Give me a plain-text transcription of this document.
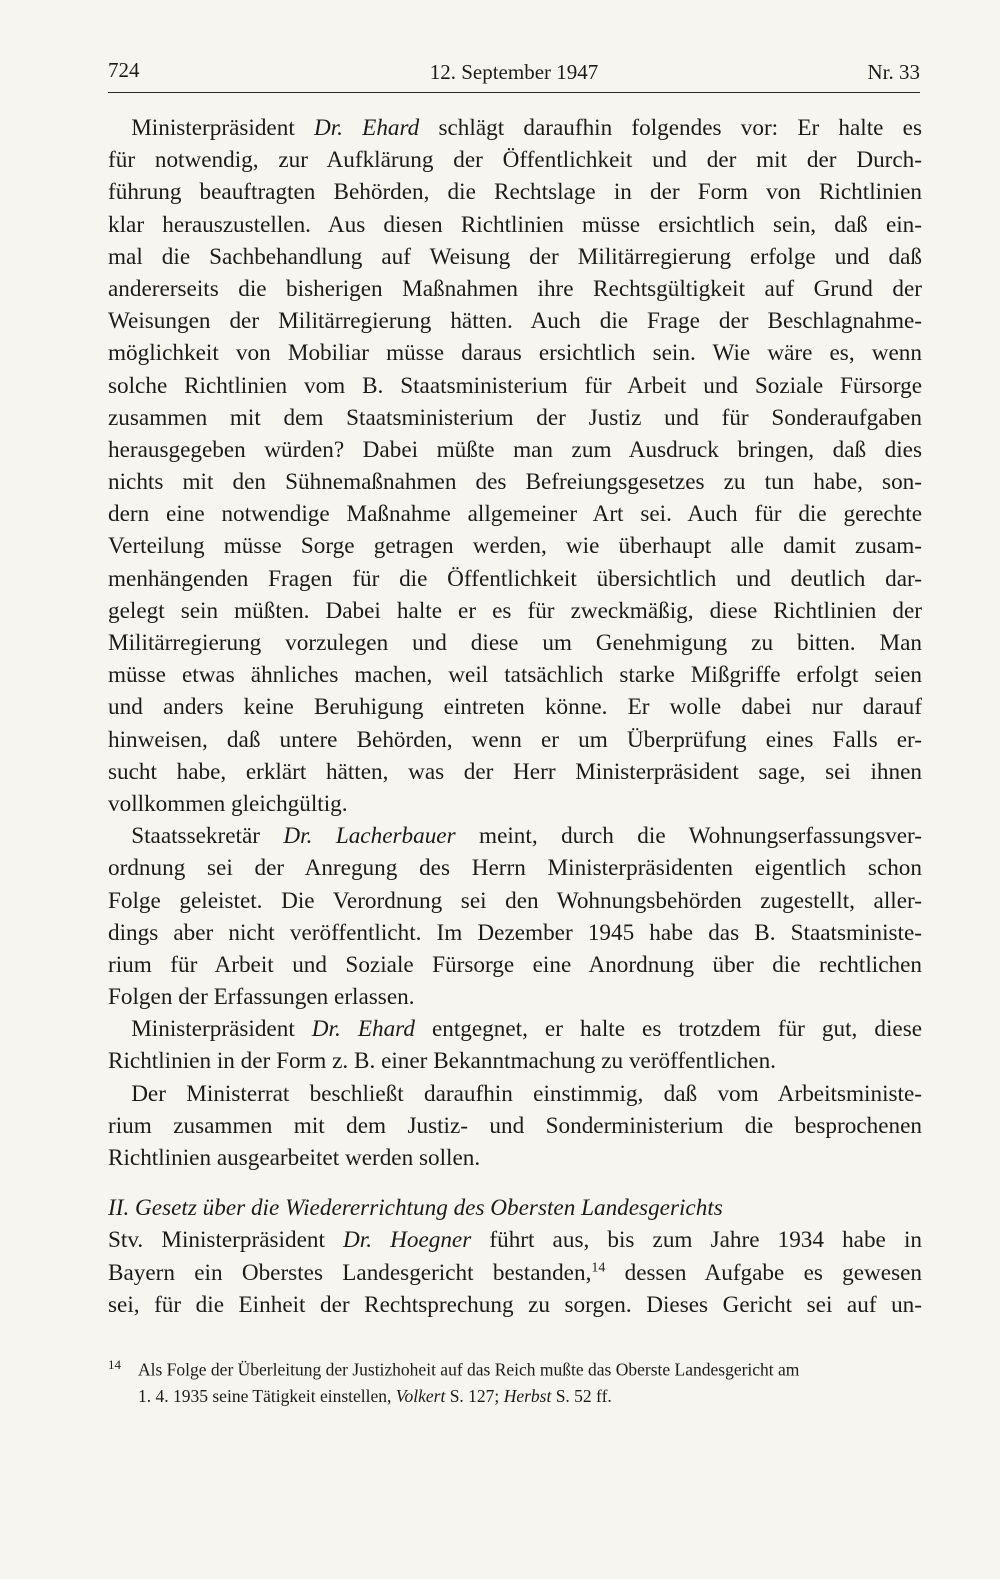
724	12. September 1947	Nr. 33
 Ministerpräsident Dr. Ehard schlägt daraufhin folgendes vor: Er halte es
für notwendig, zur Aufklärung der Öffentlichkeit und der mit der Durch-
führung beauftragten Behörden, die Rechtslage in der Form von Richtlinien
klar herauszustellen. Aus diesen Richtlinien müsse ersichtlich sein, daß ein-
mal die Sachbehandlung auf Weisung der Militärregierung erfolge und daß
andererseits die bisherigen Maßnahmen ihre Rechtsgültigkeit auf Grund der
Weisungen der Militärregierung hätten. Auch die Frage der Beschlagnahme-
möglichkeit von Mobiliar müsse daraus ersichtlich sein. Wie wäre es, wenn
solche Richtlinien vom B. Staatsministerium für Arbeit und Soziale Fürsorge
zusammen mit dem Staatsministerium der Justiz und für Sonderaufgaben
herausgegeben würden? Dabei müßte man zum Ausdruck bringen, daß dies
nichts mit den Sühnemaßnahmen des Befreiungsgesetzes zu tun habe, son-
dern eine notwendige Maßnahme allgemeiner Art sei. Auch für die gerechte
Verteilung müsse Sorge getragen werden, wie überhaupt alle damit zusam-
menhängenden Fragen für die Öffentlichkeit übersichtlich und deutlich dar-
gelegt sein müßten. Dabei halte er es für zweckmäßig, diese Richtlinien der
Militärregierung vorzulegen und diese um Genehmigung zu bitten. Man
müsse etwas ähnliches machen, weil tatsächlich starke Mißgriffe erfolgt seien
und anders keine Beruhigung eintreten könne. Er wolle dabei nur darauf
hinweisen, daß untere Behörden, wenn er um Überprüfung eines Falls er-
sucht habe, erklärt hätten, was der Herr Ministerpräsident sage, sei ihnen
vollkommen gleichgültig.
 Staatssekretär Dr. Lacherbauer meint, durch die Wohnungserfassungsver-
ordnung sei der Anregung des Herrn Ministerpräsidenten eigentlich schon
Folge geleistet. Die Verordnung sei den Wohnungsbehörden zugestellt, aller-
dings aber nicht veröffentlicht. Im Dezember 1945 habe das B. Staatsministe-
rium für Arbeit und Soziale Fürsorge eine Anordnung über die rechtlichen
Folgen der Erfassungen erlassen.
 Ministerpräsident Dr. Ehard entgegnet, er halte es trotzdem für gut, diese
Richtlinien in der Form z. B. einer Bekanntmachung zu veröffentlichen.
 Der Ministerrat beschließt daraufhin einstimmig, daß vom Arbeitsministe-
rium zusammen mit dem Justiz- und Sonderministerium die besprochenen
Richtlinien ausgearbeitet werden sollen.
II. Gesetz über die Wiedererrichtung des Obersten Landesgerichts
Stv. Ministerpräsident Dr. Hoegner führt aus, bis zum Jahre 1934 habe in
Bayern ein Oberstes Landesgericht bestanden,$^{14}$ dessen Aufgabe es gewesen
sei, für die Einheit der Rechtsprechung zu sorgen. Dieses Gericht sei auf un-
14 Als Folge der Überleitung der Justizhoheit auf das Reich mußte das Oberste Landesgericht am
1. 4. 1935 seine Tätigkeit einstellen, Volkert S. 127; Herbst S. 52 ff.
